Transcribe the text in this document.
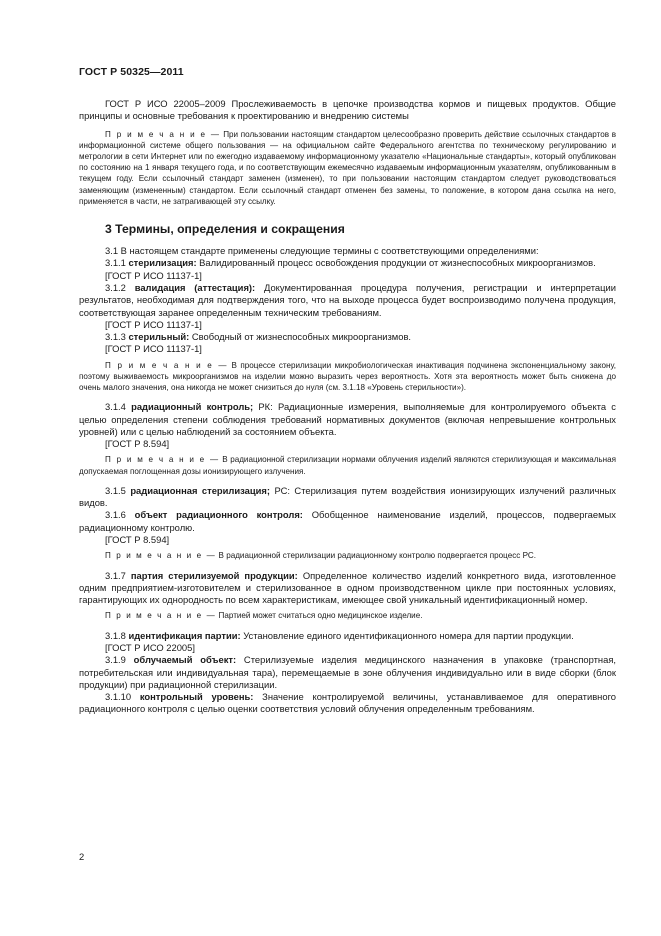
ГОСТ Р 50325—2011

ГОСТ Р ИСО 22005–2009 Прослеживаемость в цепочке производства кормов и пищевых продуктов. Общие принципы и основные требования к проектированию и внедрению системы

П р и м е ч а н и е — При пользовании настоящим стандартом целесообразно проверить действие ссылочных стандартов в информационной системе общего пользования — на официальном сайте Федерального агентства по техническому регулированию и метрологии в сети Интернет или по ежегодно издаваемому информационному указателю «Национальные стандарты», который опубликован по состоянию на 1 января текущего года, и по соответствующим ежемесячно издаваемым информационным указателям, опубликованным в текущем году. Если ссылочный стандарт заменен (изменен), то при пользовании настоящим стандартом следует руководствоваться заменяющим (измененным) стандартом. Если ссылочный стандарт отменен без замены, то положение, в котором дана ссылка на него, применяется в части, не затрагивающей эту ссылку.

3 Термины, определения и сокращения

3.1 В настоящем стандарте применены следующие термины с соответствующими определениями:

3.1.1 стерилизация: Валидированный процесс освобождения продукции от жизнеспособных микроорганизмов.

[ГОСТ Р ИСО 11137-1]

3.1.2 валидация (аттестация): Документированная процедура получения, регистрации и интерпретации результатов, необходимая для подтверждения того, что на выходе процесса будет воспроизводимо получена продукция, соответствующая заранее определенным техническим требованиям.

[ГОСТ Р ИСО 11137-1]

3.1.3 стерильный: Свободный от жизнеспособных микроорганизмов.

[ГОСТ Р ИСО 11137-1]

П р и м е ч а н и е — В процессе стерилизации микробиологическая инактивация подчинена экспоненциальному закону, поэтому выживаемость микроорганизмов на изделии можно выразить через вероятность. Хотя эта вероятность может быть снижена до очень малого значения, она никогда не может снизиться до нуля (см. 3.1.18 «Уровень стерильности»).

3.1.4 радиационный контроль; РК: Радиационные измерения, выполняемые для контролируемого объекта с целью определения степени соблюдения требований нормативных документов (включая непревышение контрольных уровней) или с целью наблюдений за состоянием объекта.

[ГОСТ Р 8.594]

П р и м е ч а н и е — В радиационной стерилизации нормами облучения изделий являются стерилизующая и максимальная допускаемая поглощенная дозы ионизирующего излучения.

3.1.5 радиационная стерилизация; РС: Стерилизация путем воздействия ионизирующих излучений различных видов.

3.1.6 объект радиационного контроля: Обобщенное наименование изделий, процессов, подвергаемых радиационному контролю.

[ГОСТ Р 8.594]

П р и м е ч а н и е — В радиационной стерилизации радиационному контролю подвергается процесс РС.

3.1.7 партия стерилизуемой продукции: Определенное количество изделий конкретного вида, изготовленное одним предприятием-изготовителем и стерилизованное в одном производственном цикле при постоянных условиях, гарантирующих их однородность по всем характеристикам, имеющее свой уникальный идентификационный номер.

П р и м е ч а н и е — Партией может считаться одно медицинское изделие.

3.1.8 идентификация партии: Установление единого идентификационного номера для партии продукции.

[ГОСТ Р ИСО 22005]

3.1.9 облучаемый объект: Стерилизуемые изделия медицинского назначения в упаковке (транспортная, потребительская или индивидуальная тара), перемещаемые в зоне облучения индивидуально или в виде сборки (блок продукции) при радиационной стерилизации.

3.1.10 контрольный уровень: Значение контролируемой величины, устанавливаемое для оперативного радиационного контроля с целью оценки соответствия условий облучения определенным требованиям.

2
